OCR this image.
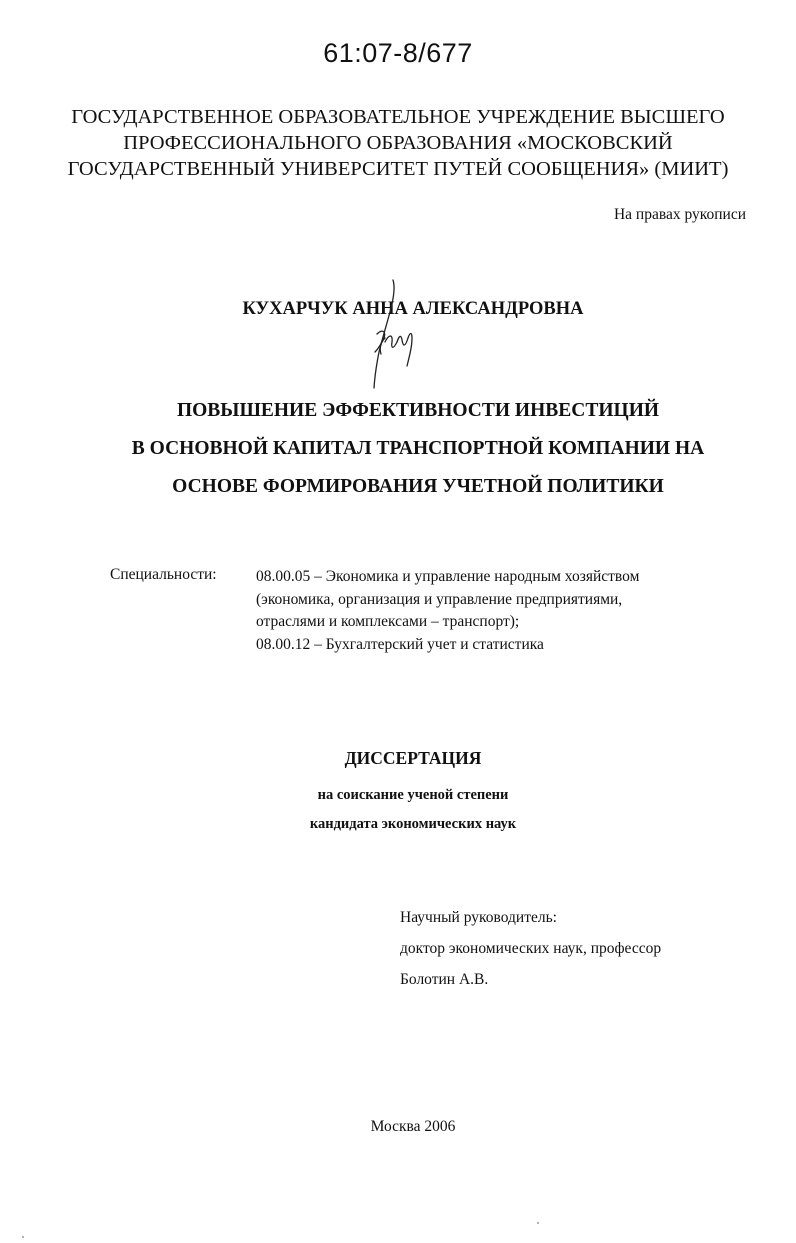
61:07-8/677
ГОСУДАРСТВЕННОЕ ОБРАЗОВАТЕЛЬНОЕ УЧРЕЖДЕНИЕ ВЫСШЕГО
ПРОФЕССИОНАЛЬНОГО ОБРАЗОВАНИЯ «МОСКОВСКИЙ
ГОСУДАРСТВЕННЫЙ УНИВЕРСИТЕТ ПУТЕЙ СООБЩЕНИЯ» (МИИТ)
На правах рукописи
КУХАРЧУК АННА АЛЕКСАНДРОВНА
ПОВЫШЕНИЕ ЭФФЕКТИВНОСТИ ИНВЕСТИЦИЙ
В ОСНОВНОЙ КАПИТАЛ ТРАНСПОРТНОЙ КОМПАНИИ НА
ОСНОВЕ ФОРМИРОВАНИЯ УЧЕТНОЙ ПОЛИТИКИ
Специальности:	08.00.05 – Экономика и управление народным хозяйством
(экономика, организация и управление предприятиями,
отраслями и комплексами – транспорт);
08.00.12 – Бухгалтерский учет и статистика
ДИССЕРТАЦИЯ
на соискание ученой степени
кандидата экономических наук
Научный руководитель:
доктор экономических наук, профессор
Болотин А.В.
Москва 2006
